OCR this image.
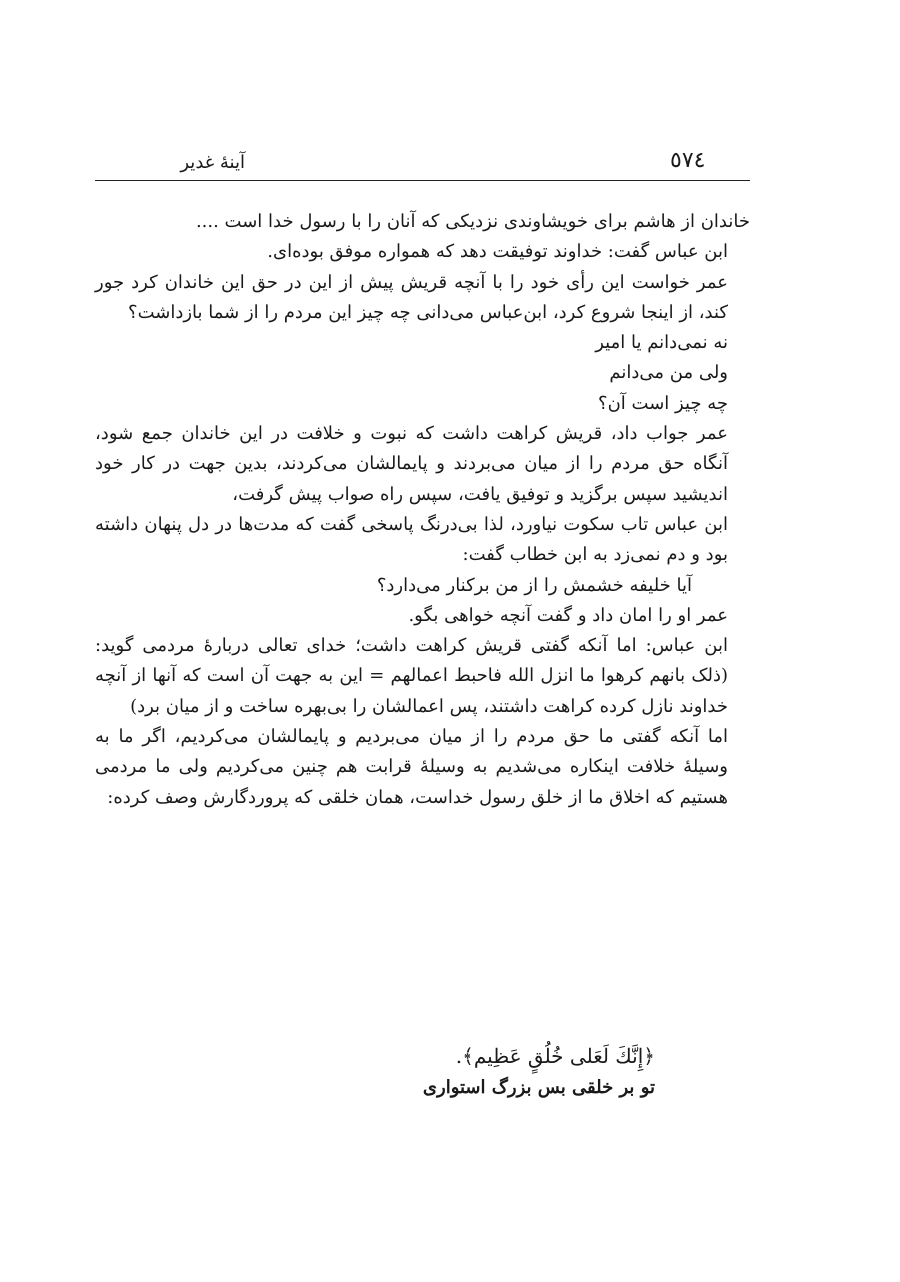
آینهٔ غدیر	٥٧٤

خاندان از هاشم برای خویشاوندی نزدیکی که آنان را با رسول خدا است ....

ابن عباس گفت: خداوند توفیقت دهد که همواره موفق بوده‌ای.

عمر خواست این رأی خود را با آنچه قریش پیش از این در حق این خاندان کرد جور کند، از اینجا شروع کرد، ابن‌عباس می‌دانی چه چیز این مردم را از شما بازداشت؟

نه نمی‌دانم یا امیر

ولی من می‌دانم

چه چیز است آن؟

عمر جواب داد، قریش کراهت داشت که نبوت و خلافت در این خاندان جمع شود، آنگاه حق مردم را از میان می‌بردند و پایمالشان می‌کردند، بدین جهت در کار خود اندیشید سپس برگزید و توفیق یافت، سپس راه صواب پیش گرفت،

ابن عباس تاب سکوت نیاورد، لذا بی‌درنگ پاسخی گفت که مدت‌ها در دل پنهان داشته بود و دم نمی‌زد به ابن خطاب گفت:

آیا خلیفه خشمش را از من برکنار می‌دارد؟

عمر او را امان داد و گفت آنچه خواهی بگو.

ابن عباس: اما آنکه گفتی قریش کراهت داشت؛ خدای تعالی دربارهٔ مردمی گوید: (ذلک بانهم کرهوا ما انزل الله فاحبط اعمالهم = این به جهت آن است که آنها از آنچه خداوند نازل کرده کراهت داشتند، پس اعمالشان را بی‌بهره ساخت و از میان برد)

اما آنکه گفتی ما حق مردم را از میان می‌بردیم و پایمالشان می‌کردیم، اگر ما به وسیلهٔ خلافت اینکاره می‌شدیم به وسیلهٔ قرابت هم چنین می‌کردیم ولی ما مردمی هستیم که اخلاق ما از خلق رسول خداست، همان خلقی که پروردگارش وصف کرده:

﴿إِنَّكَ لَعَلى خُلُقٍ عَظِيم﴾.

تو بر خلقی بس بزرگ استواری
